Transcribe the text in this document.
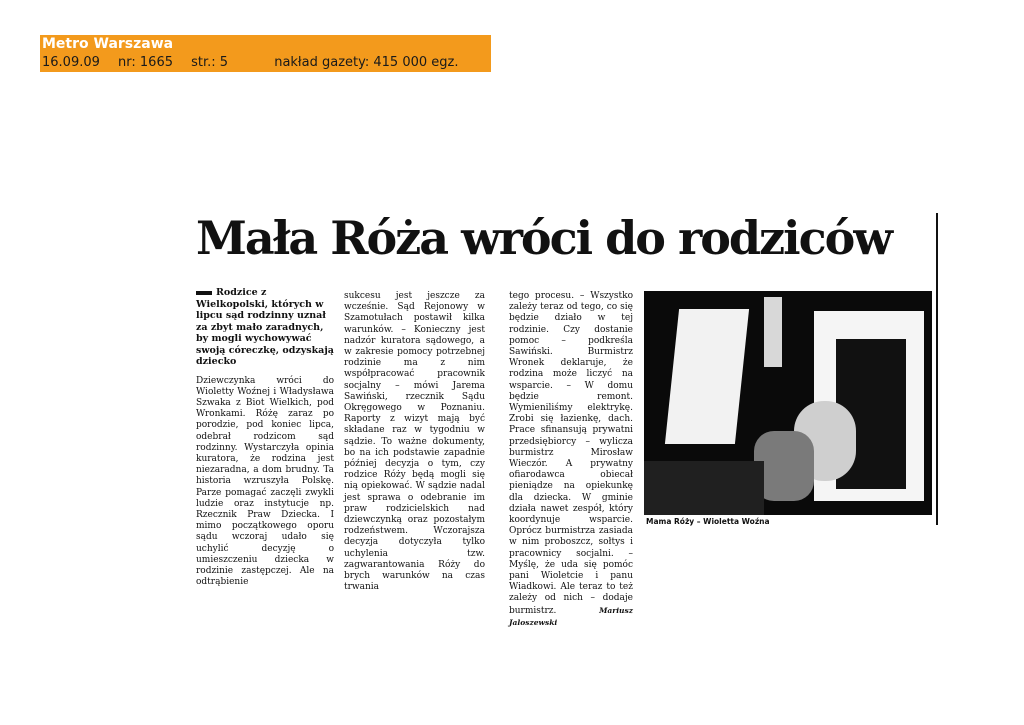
Metro Warszawa
16.09.09 nr: 1665 str.: 5	nakład gazety: 415 000 egz.
Mała Róża wróci do rodziców
Rodzice z Wielkopolski, których w lipcu sąd rodzinny uznał za zbyt mało zaradnych, by mogli wychowywać swoją córeczkę, odzyskają dziecko

Dziewczynka wróci do Wioletty Woźnej i Władysława Szwaka z Biot Wielkich, pod Wronkami. Różę zaraz po porodzie, pod koniec lipca, odebrał rodzicom sąd rodzinny. Wystarczyła opinia kuratora, że rodzina jest niezaradna, a dom brudny. Ta historia wzruszyła Polskę. Parze pomagać zaczęli zwykli ludzie oraz instytucje np. Rzecznik Praw Dziecka. I mimo początkowego oporu sądu wczoraj udało się uchylić decyzję o umieszczeniu dziecka w rodzinie zastępczej. Ale na odtrąbienie

sukcesu jest jeszcze za wcześnie. Sąd Rejonowy w Szamotułach postawił kilka warunków. – Konieczny jest nadzór kuratora sądowego, a w zakresie pomocy potrzebnej rodzinie ma z nim współpracować pracownik socjalny – mówi Jarema Sawiński, rzecznik Sądu Okręgowego w Poznaniu. Raporty z wizyt mają być składane raz w tygodniu w sądzie. To ważne dokumenty, bo na ich podstawie zapadnie później decyzja o tym, czy rodzice Róży będą mogli się nią opiekować. W sądzie nadal jest sprawa o odebranie im praw rodzicielskich nad dziewczynką oraz pozostałym rodzeństwem. Wczorajsza decyzja dotyczyła tylko uchylenia tzw. zagwarantowania Róży do brych warunków na czas trwania

tego procesu. – Wszystko zależy teraz od tego, co się będzie działo w tej rodzinie. Czy dostanie pomoc – podkreśla Sawiński. Burmistrz Wronek deklaruje, że rodzina może liczyć na wsparcie. – W domu będzie remont. Wymieniliśmy elektrykę. Zrobi się łazienkę, dach. Prace sfinansują prywatni przedsiębiorcy – wylicza burmistrz Mirosław Wieczór. A prywatny ofiarodawca obiecał pieniądze na opiekunkę dla dziecka. W gminie działa nawet zespół, który koordynuje wsparcie. Oprócz burmistrza zasiada w nim proboszcz, sołtys i pracownicy socjalni. – Myślę, że uda się pomóc pani Wioletcie i panu Wiadkowi. Ale teraz to też zależy od nich – dodaje burmistrz.	Mariusz Jaloszewski

Mama Róży – Wioletta Woźna
